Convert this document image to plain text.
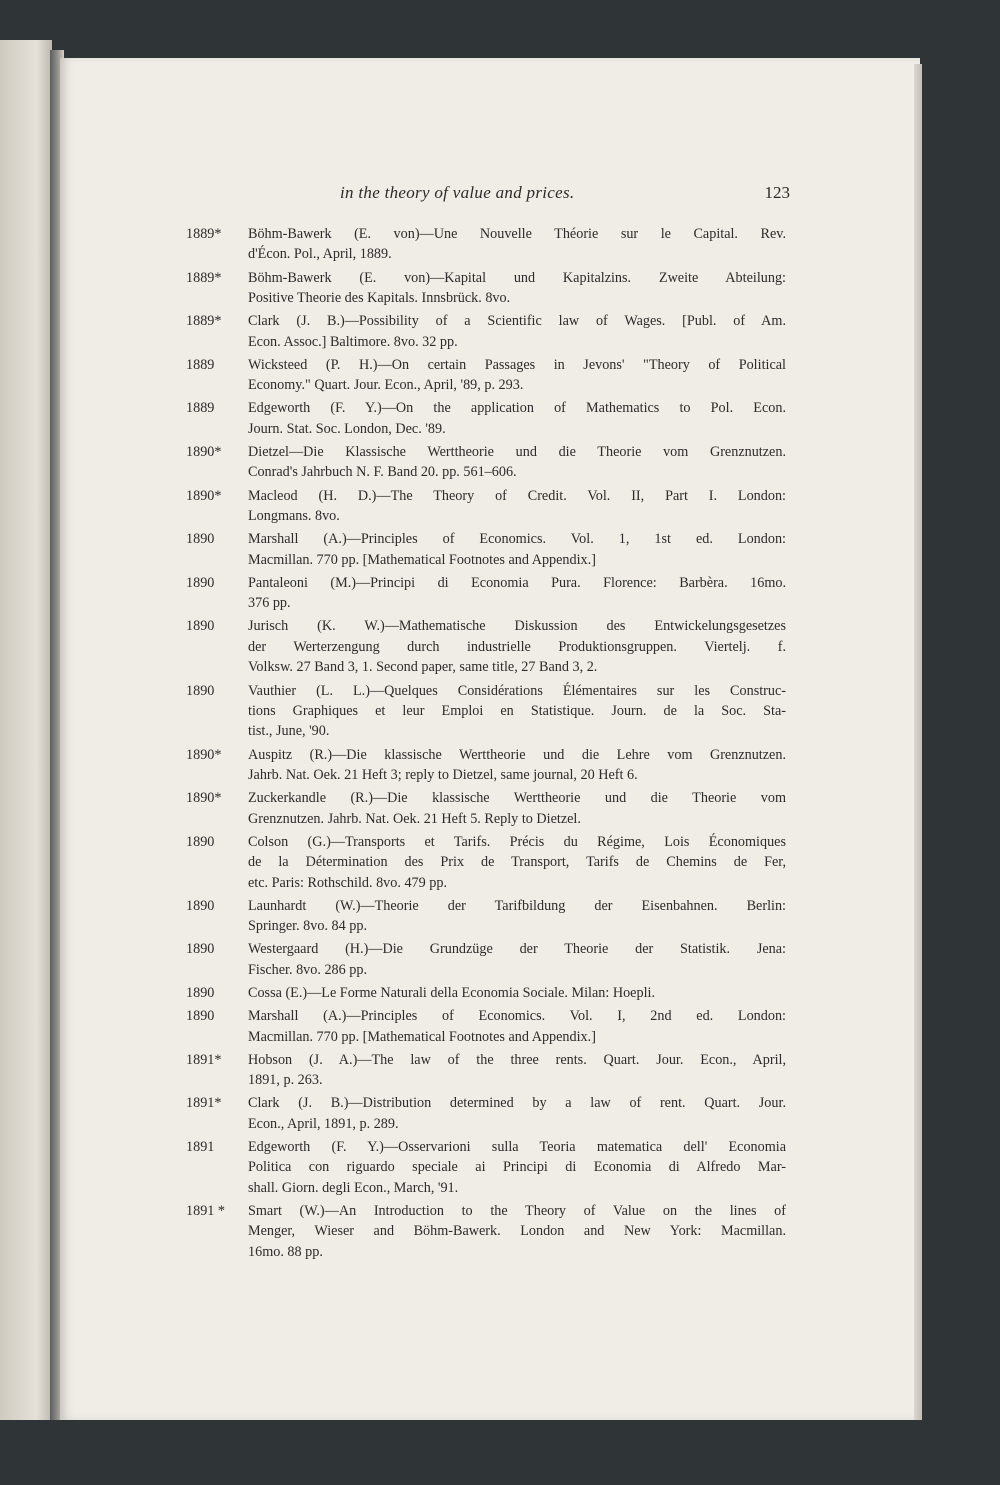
in the theory of value and prices.	123
1889* Böhm-Bawerk (E. von)—Une Nouvelle Théorie sur le Capital. Rev.
d'Écon. Pol., April, 1889.
1889* Böhm-Bawerk (E. von)—Kapital und Kapitalzins. Zweite Abteilung:
Positive Theorie des Kapitals. Innsbrück. 8vo.
1889* Clark (J. B.)—Possibility of a Scientific law of Wages. [Publ. of Am.
Econ. Assoc.] Baltimore. 8vo. 32 pp.
1889 Wicksteed (P. H.)—On certain Passages in Jevons' "Theory of Political
Economy." Quart. Jour. Econ., April, '89, p. 293.
1889 Edgeworth (F. Y.)—On the application of Mathematics to Pol. Econ.
Journ. Stat. Soc. London, Dec. '89.
1890* Dietzel—Die Klassische Werttheorie und die Theorie vom Grenznutzen.
Conrad's Jahrbuch N. F. Band 20. pp. 561–606.
1890* Macleod (H. D.)—The Theory of Credit. Vol. II, Part I. London:
Longmans. 8vo.
1890 Marshall (A.)—Principles of Economics. Vol. 1, 1st ed. London:
Macmillan. 770 pp. [Mathematical Footnotes and Appendix.]
1890 Pantaleoni (M.)—Principi di Economia Pura. Florence: Barbèra. 16mo.
376 pp.
1890 Jurisch (K. W.)—Mathematische Diskussion des Entwickelungsgesetzes
der Werterzengung durch industrielle Produktionsgruppen. Viertelj. f.
Volksw. 27 Band 3, 1. Second paper, same title, 27 Band 3, 2.
1890 Vauthier (L. L.)—Quelques Considérations Élémentaires sur les Construc-
tions Graphiques et leur Emploi en Statistique. Journ. de la Soc. Sta-
tist., June, '90.
1890* Auspitz (R.)—Die klassische Werttheorie und die Lehre vom Grenznutzen.
Jahrb. Nat. Oek. 21 Heft 3; reply to Dietzel, same journal, 20 Heft 6.
1890* Zuckerkandle (R.)—Die klassische Werttheorie und die Theorie vom
Grenznutzen. Jahrb. Nat. Oek. 21 Heft 5. Reply to Dietzel.
1890 Colson (G.)—Transports et Tarifs. Précis du Régime, Lois Économiques
de la Détermination des Prix de Transport, Tarifs de Chemins de Fer,
etc. Paris: Rothschild. 8vo. 479 pp.
1890 Launhardt (W.)—Theorie der Tarifbildung der Eisenbahnen. Berlin:
Springer. 8vo. 84 pp.
1890 Westergaard (H.)—Die Grundzüge der Theorie der Statistik. Jena:
Fischer. 8vo. 286 pp.
1890 Cossa (E.)—Le Forme Naturali della Economia Sociale. Milan: Hoepli.
1890 Marshall (A.)—Principles of Economics. Vol. I, 2nd ed. London:
Macmillan. 770 pp. [Mathematical Footnotes and Appendix.]
1891* Hobson (J. A.)—The law of the three rents. Quart. Jour. Econ., April,
1891, p. 263.
1891* Clark (J. B.)—Distribution determined by a law of rent. Quart. Jour.
Econ., April, 1891, p. 289.
1891 Edgeworth (F. Y.)—Osservarioni sulla Teoria matematica dell' Economia
Politica con riguardo speciale ai Principi di Economia di Alfredo Mar-
shall. Giorn. degli Econ., March, '91.
1891 * Smart (W.)—An Introduction to the Theory of Value on the lines of
Menger, Wieser and Böhm-Bawerk. London and New York: Macmillan.
16mo. 88 pp.
